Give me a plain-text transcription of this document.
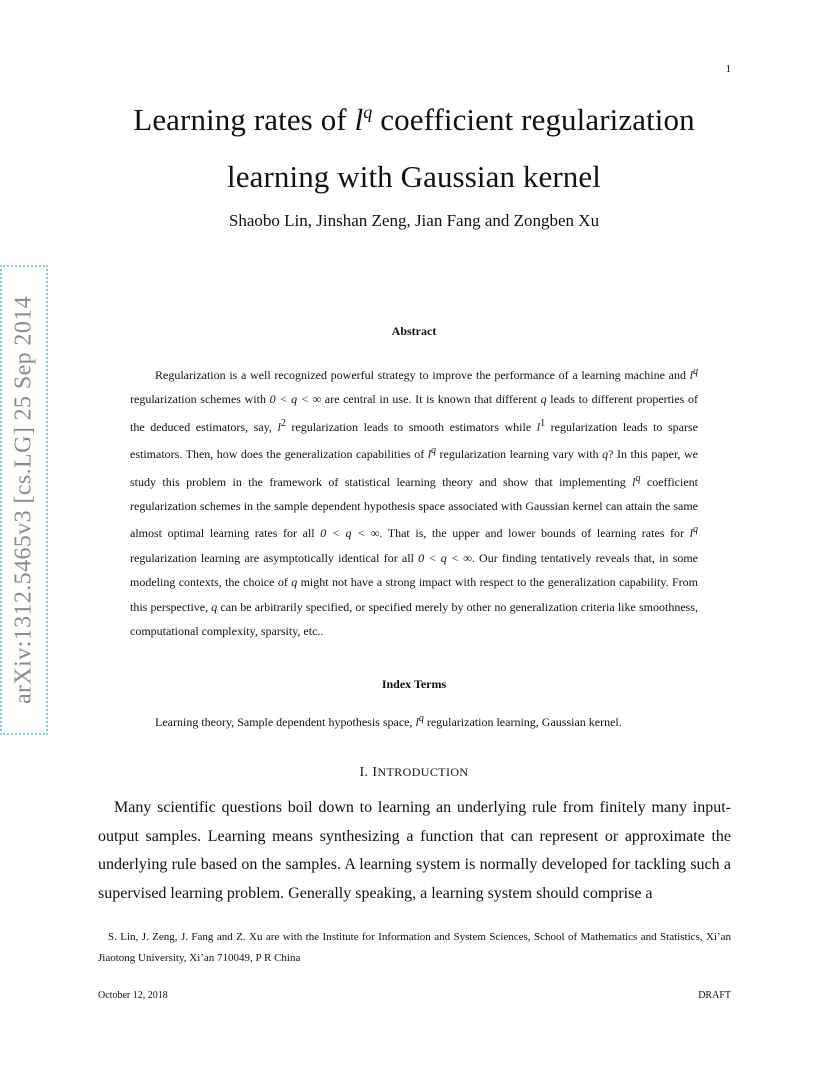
1
Learning rates of $l^q$ coefficient regularization
learning with Gaussian kernel
Shaobo Lin, Jinshan Zeng, Jian Fang and Zongben Xu
arXiv:1312.5465v3 [cs.LG] 25 Sep 2014	Abstract

Regularization is a well recognized powerful strategy to improve the performance of a learning machine and $l^q$ regularization schemes with 0 < q < ∞ are central in use. It is known that different q leads to different properties of the deduced estimators, say, $l^2$ regularization leads to smooth estimators while $l^1$ regularization leads to sparse estimators. Then, how does the generalization capabilities of $l^q$ regularization learning vary with q? In this paper, we study this problem in the framework of statistical learning theory and show that implementing $l^q$ coefficient regularization schemes in the sample dependent hypothesis space associated with Gaussian kernel can attain the same almost optimal learning rates for all 0 < q < ∞. That is, the upper and lower bounds of learning rates for $l^q$ regularization learning are asymptotically identical for all 0 < q < ∞. Our finding tentatively reveals that, in some modeling contexts, the choice of q might not have a strong impact with respect to the generalization capability. From this perspective, q can be arbitrarily specified, or specified merely by other no generalization criteria like smoothness, computational complexity, sparsity, etc..

Index Terms

Learning theory, Sample dependent hypothesis space, $l^q$ regularization learning, Gaussian kernel.

I. INTRODUCTION

Many scientific questions boil down to learning an underlying rule from finitely many input-output samples. Learning means synthesizing a function that can represent or approximate the underlying rule based on the samples. A learning system is normally developed for tackling such a supervised learning problem. Generally speaking, a learning system should comprise a

S. Lin, J. Zeng, J. Fang and Z. Xu are with the Institute for Information and System Sciences, School of Mathematics and Statistics, Xi’an Jiaotong University, Xi’an 710049, P R China

October 12, 2018	DRAFT
